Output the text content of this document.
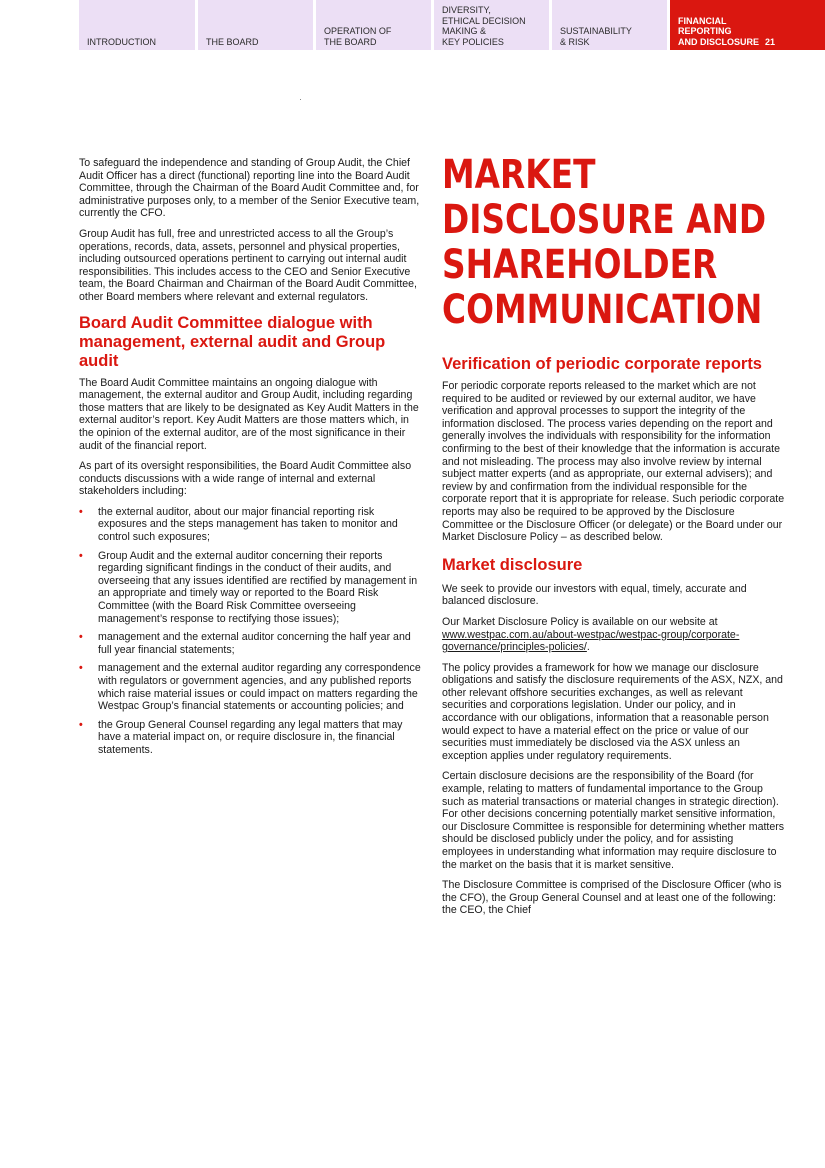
INTRODUCTION	THE BOARD
OPERATION OF
THE BOARD
DIVERSITY,
ETHICAL DECISION
MAKING &
KEY POLICIES
SUSTAINABILITY
& RISK
FINANCIAL
REPORTING
AND DISCLOSURE 21

To safeguard the independence and standing of Group Audit, the Chief Audit Officer has a direct (functional) reporting line into the Board Audit Committee, through the Chairman of the Board Audit Committee and, for administrative purposes only, to a member of the Senior Executive team, currently the CFO.

Group Audit has full, free and unrestricted access to all the Group’s operations, records, data, assets, personnel and physical properties, including outsourced operations pertinent to carrying out internal audit responsibilities. This includes access to the CEO and Senior Executive team, the Board Chairman and Chairman of the Board Audit Committee, other Board members where relevant and external regulators.

Board Audit Committee dialogue with management, external audit and Group audit

The Board Audit Committee maintains an ongoing dialogue with management, the external auditor and Group Audit, including regarding those matters that are likely to be designated as Key Audit Matters in the external auditor’s report. Key Audit Matters are those matters which, in the opinion of the external auditor, are of the most significance in their audit of the financial report.

As part of its oversight responsibilities, the Board Audit Committee also conducts discussions with a wide range of internal and external stakeholders including:

• the external auditor, about our major financial reporting risk exposures and the steps management has taken to monitor and control such exposures;
• Group Audit and the external auditor concerning their reports regarding significant findings in the conduct of their audits, and overseeing that any issues identified are rectified by management in an appropriate and timely way or reported to the Board Risk Committee (with the Board Risk Committee overseeing management’s response to rectifying those issues);
• management and the external auditor concerning the half year and full year financial statements;
• management and the external auditor regarding any correspondence with regulators or government agencies, and any published reports which raise material issues or could impact on matters regarding the Westpac Group’s financial statements or accounting policies; and
• the Group General Counsel regarding any legal matters that may have a material impact on, or require disclosure in, the financial statements.
MARKET
DISCLOSURE AND
SHAREHOLDER
COMMUNICATION
Verification of periodic corporate reports

For periodic corporate reports released to the market which are not required to be audited or reviewed by our external auditor, we have verification and approval processes to support the integrity of the information disclosed. The process varies depending on the report and generally involves the individuals with responsibility for the information confirming to the best of their knowledge that the information is accurate and not misleading. The process may also involve review by internal subject matter experts (and as appropriate, our external advisers); and review by and confirmation from the individual responsible for the corporate report that it is appropriate for release. Such periodic corporate reports may also be required to be approved by the Disclosure Committee or the Disclosure Officer (or delegate) or the Board under our Market Disclosure Policy – as described below.

Market disclosure

We seek to provide our investors with equal, timely, accurate and balanced disclosure.

Our Market Disclosure Policy is available on our website at www.westpac.com.au/about-westpac/westpac-group/corporate-governance/principles-policies/.

The policy provides a framework for how we manage our disclosure obligations and satisfy the disclosure requirements of the ASX, NZX, and other relevant offshore securities exchanges, as well as relevant securities and corporations legislation. Under our policy, and in accordance with our obligations, information that a reasonable person would expect to have a material effect on the price or value of our securities must immediately be disclosed via the ASX unless an exception applies under regulatory requirements.

Certain disclosure decisions are the responsibility of the Board (for example, relating to matters of fundamental importance to the Group such as material transactions or material changes in strategic direction). For other decisions concerning potentially market sensitive information, our Disclosure Committee is responsible for determining whether matters should be disclosed publicly under the policy, and for assisting employees in understanding what information may require disclosure to the market on the basis that it is market sensitive.

The Disclosure Committee is comprised of the Disclosure Officer (who is the CFO), the Group General Counsel and at least one of the following: the CEO, the Chief
